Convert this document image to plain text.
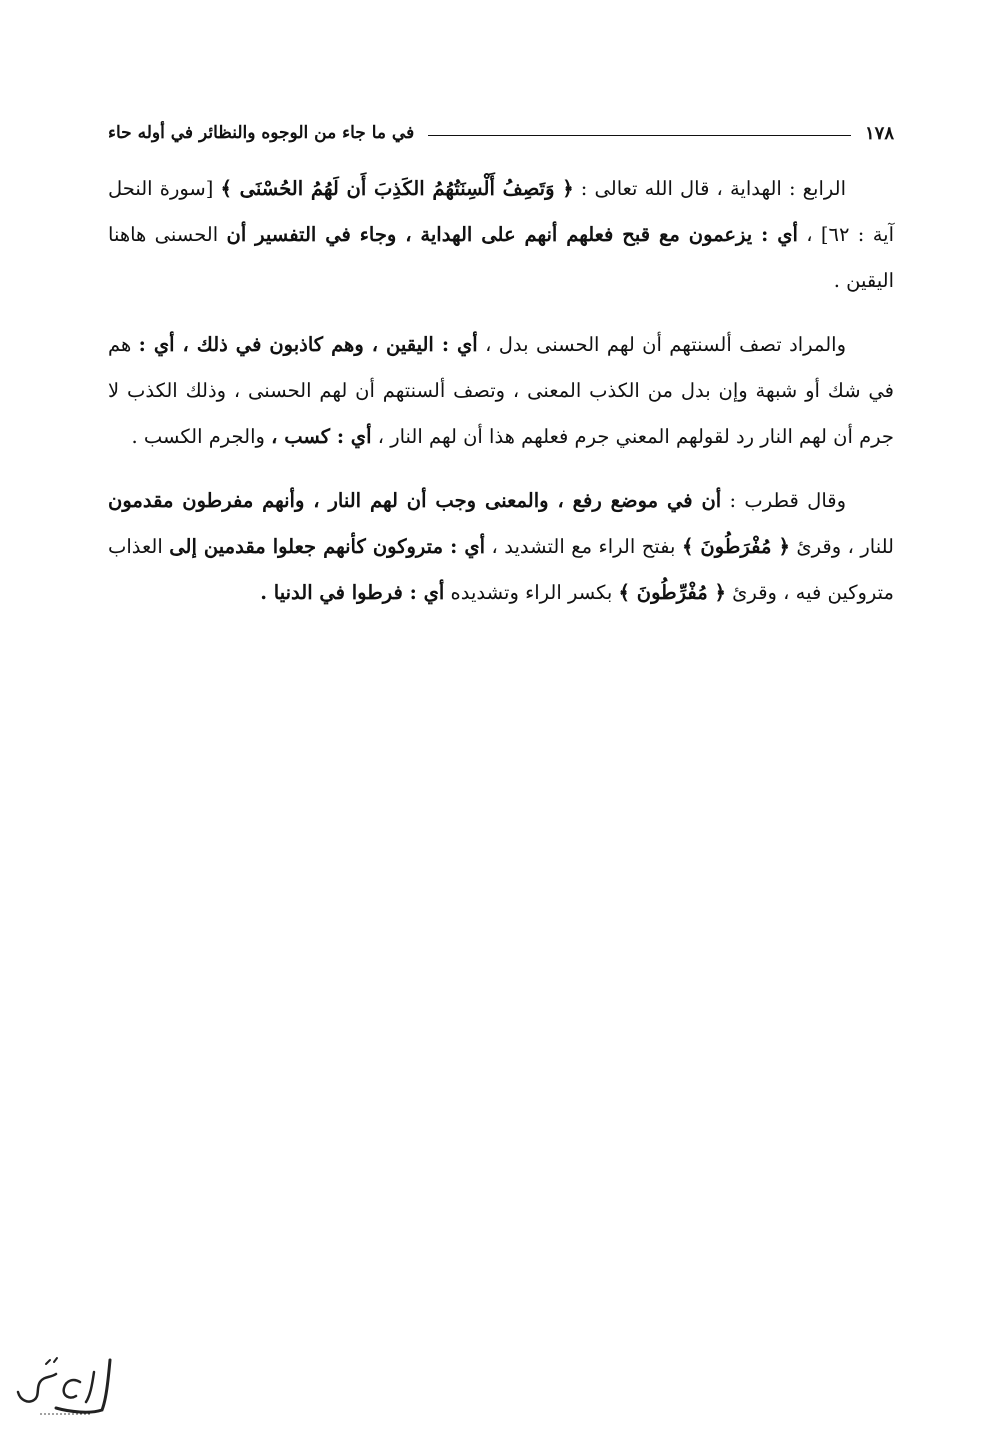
١٧٨
في ما جاء من الوجوه والنظائر في أوله حاء

الرابع : الهداية ، قال الله تعالى : ﴿ وَتَصِفُ أَلْسِنَتُهُمُ الكَذِبَ أَن لَهُمُ الحُسْنَى ﴾ [سورة النحل آية : ٦٢] ، أي : يزعمون مع قبح فعلهم أنهم على الهداية ، وجاء في التفسير أن الحسنى هاهنا اليقين .

والمراد تصف ألسنتهم أن لهم الحسنى بدل ، أي : اليقين ، وهم كاذبون في ذلك ، أي : هم في شك أو شبهة وإن بدل من الكذب المعنى ، وتصف ألسنتهم أن لهم الحسنى ، وذلك الكذب لا جرم أن لهم النار رد لقولهم المعني جرم فعلهم هذا أن لهم النار ، أي : كسب ، والجرم الكسب .

وقال قطرب : أن في موضع رفع ، والمعنى وجب أن لهم النار ، وأنهم مفرطون مقدمون للنار ، وقرئ ﴿ مُفْرَطُونَ ﴾ بفتح الراء مع التشديد ، أي : متروكون كأنهم جعلوا مقدمين إلى العذاب متروكين فيه ، وقرئ ﴿ مُفْرِّطُونَ ﴾ بكسر الراء وتشديده أي : فرطوا في الدنيا .
